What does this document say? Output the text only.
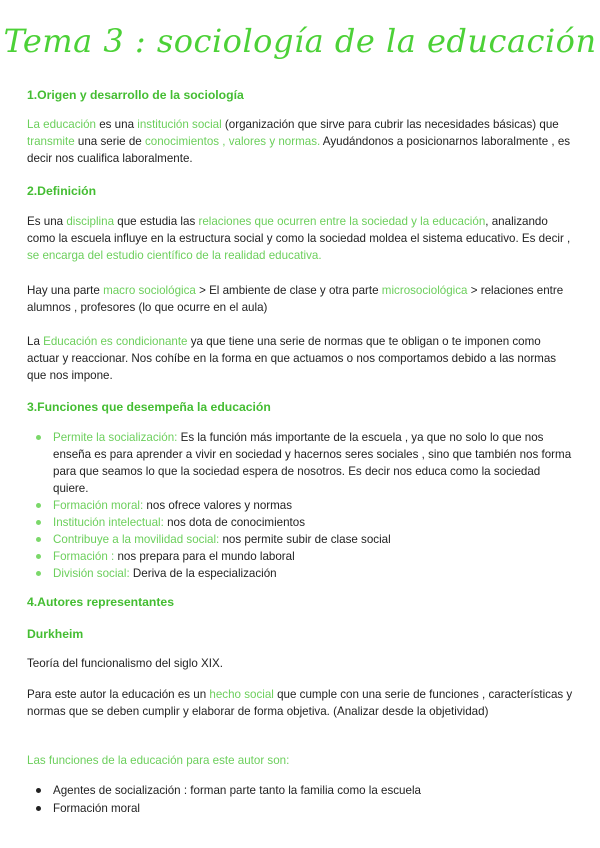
Tema 3 : sociología de la educación
1.Origen y desarrollo de la sociología
La educación es una institución social (organización que sirve para cubrir las necesidades básicas) que transmite una serie de conocimientos , valores y normas. Ayudándonos a posicionarnos laboralmente , es decir nos cualifica laboralmente.
2.Definición
Es una disciplina que estudia las relaciones que ocurren entre la sociedad y la educación, analizando como la escuela influye en la estructura social y como la sociedad moldea el sistema educativo. Es decir , se encarga del estudio científico de la realidad educativa.
Hay una parte macro sociológica > El ambiente de clase y otra parte microsociológica > relaciones entre alumnos , profesores (lo que ocurre en el aula)
La Educación es condicionante ya que tiene una serie de normas que te obligan o te imponen como actuar y reaccionar. Nos cohíbe en la forma en que actuamos o nos comportamos debido a las normas que nos impone.
3.Funciones que desempeña la educación
Permite la socialización: Es la función más importante de la escuela , ya que no solo lo que nos enseña es para aprender a vivir en sociedad y hacernos seres sociales , sino que también nos forma para que seamos lo que la sociedad espera de nosotros. Es decir nos educa como la sociedad quiere.
Formación moral: nos ofrece valores y normas
Institución intelectual: nos dota de conocimientos
Contribuye a la movilidad social: nos permite subir de clase social
Formación : nos prepara para el mundo laboral
División social: Deriva de la especialización
4.Autores representantes
Durkheim
Teoría del funcionalismo del siglo XIX.
Para este autor la educación es un hecho social que cumple con una serie de funciones , características y normas que se deben cumplir y elaborar de forma objetiva. (Analizar desde la objetividad)
Las funciones de la educación para este autor son:
Agentes de socialización : forman parte tanto la familia como la escuela
Formación moral
